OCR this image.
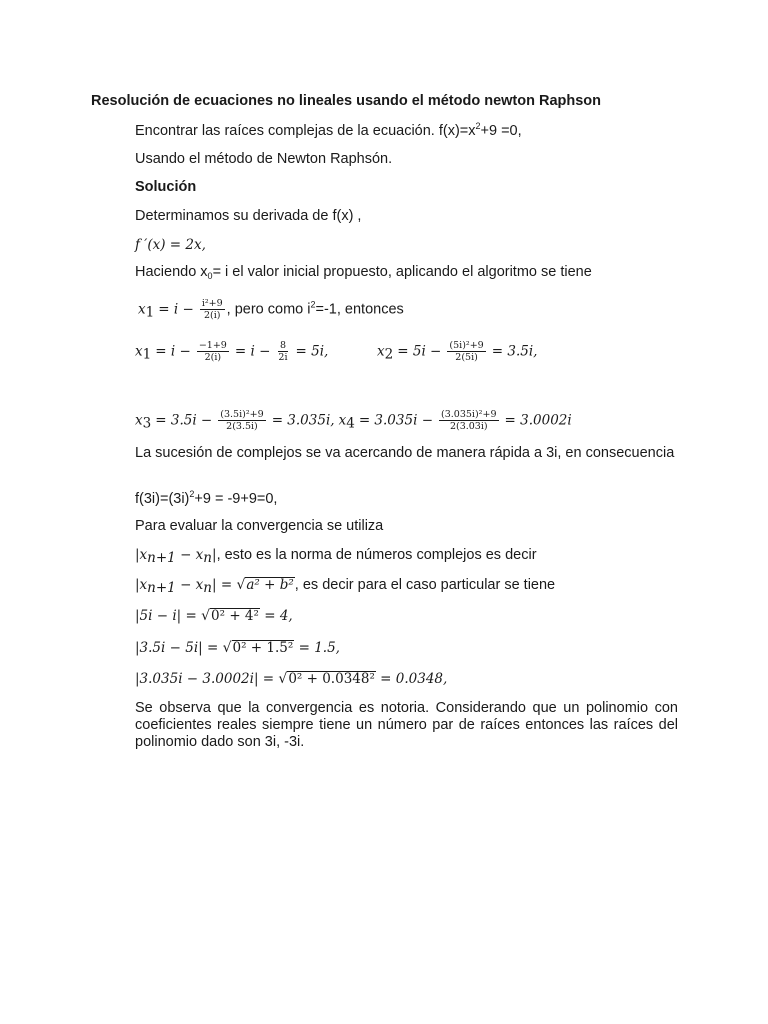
Resolución de ecuaciones no lineales usando el método newton Raphson
Encontrar las raíces complejas de la ecuación. $f(x)=x^2+9 =0$,
Usando el método de Newton Raphsón.
Solución
Determinamos su derivada de f(x) ,
f ′(x) = 2x,
Haciendo $x_0= i$ el valor inicial propuesto, aplicando el algoritmo se tiene
$x_1 = i - \frac{\text{i²+9}}{2(i)}$ , pero como $i^2=-1$, entonces
$x_1 = i - \frac{-1+9}{2(i)} = i - \frac{8}{2i} = 5i$,	$x_2 = 5i - \frac{\text{(5i)²+9}}{2(5i)} = 3.5i$,
$x_3 = 3.5i - \frac{\text{(3.5i)²+9}}{2(3.5i)} = 3.035i$, $x_4 = 3.035i - \frac{\text{(3.035i)²+9}}{2(3.03i)} = 3.0002i$
La sucesión de complejos se va acercando de manera rápida a 3i, en consecuencia
$f(3i)=(3i)^2+9 = -9+9=0$,
Para evaluar la convergencia se utiliza
$|x_{n+1} - x_n|$, esto es la norma de números complejos es decir
$|x_{n+1} - x_n|$ = √ a² + b² , es decir para el caso particular se tiene
|5i − i| = √ 0² + 4² = 4,
|3.5i − 5i| = √ 0² + 1.5² = 1.5,
|3.035i − 3.0002i| = √ 0² + 0.0348² = 0.0348,
Se observa que la convergencia es notoria. Considerando que un polinomio con coeficientes reales siempre tiene un número par de raíces entonces las raíces del polinomio dado son 3i, -3i.
